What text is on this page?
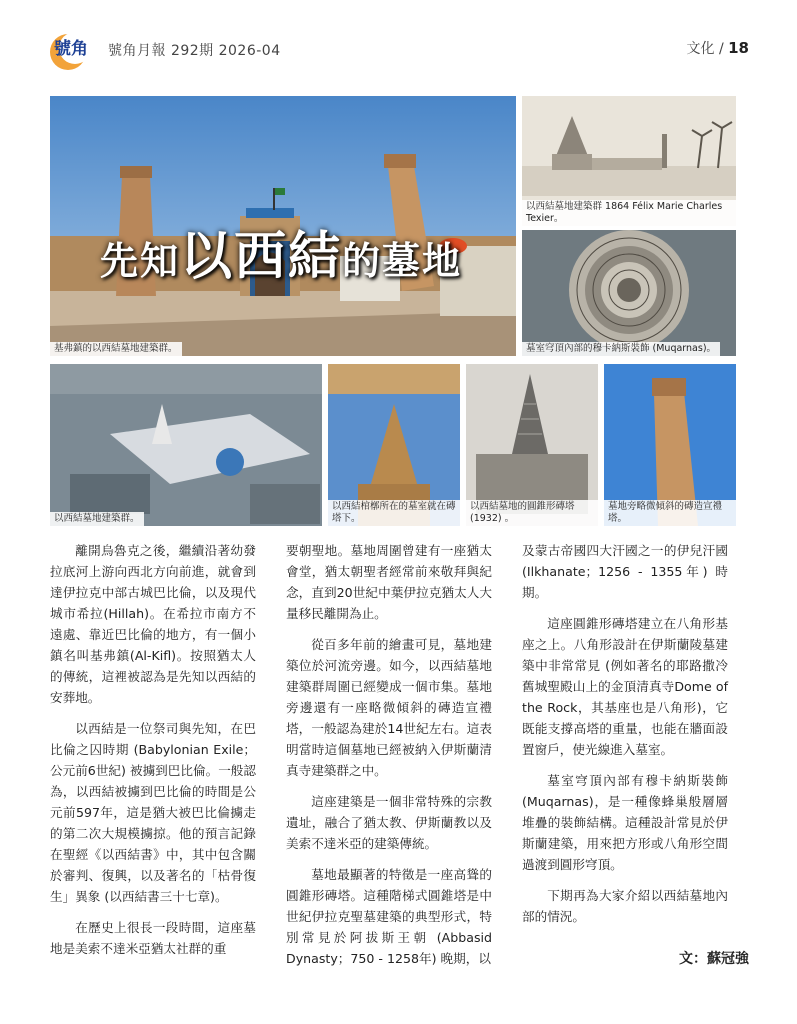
號角 號角月報 292期 2026-04	文化 / 18
先知以西結的墓地
基弗鎮的以西結墓地建築群。
以西結墓地建築群 1864 Félix Marie Charles Texier。
墓室穹頂內部的穆卡納斯裝飾 (Muqarnas)。
以西結墓地建築群。
以西結棺槨所在的墓室就在磚塔下。
以西結墓地的圓錐形磚塔 (1932) 。
墓地旁略微傾斜的磚造宣禮塔。

離開烏魯克之後，繼續沿著幼發拉底河上游向西北方向前進，就會到達伊拉克中部古城巴比倫，以及現代城市希拉(Hillah)。在希拉市南方不遠處、靠近巴比倫的地方，有一個小鎮名叫基弗鎮(Al-Kifl)。按照猶太人的傳統，這裡被認為是先知以西結的安葬地。

以西結是一位祭司與先知，在巴比倫之囚時期 (Babylonian Exile；公元前6世紀) 被擄到巴比倫。一般認為，以西結被擄到巴比倫的時間是公元前597年，這是猶大被巴比倫擄走的第二次大規模擄掠。他的預言記錄在聖經《以西結書》中，其中包含關於審判、復興，以及著名的「枯骨復生」異象 (以西結書三十七章)。

在歷史上很長一段時間，這座墓地是美索不達米亞猶太社群的重

要朝聖地。墓地周圍曾建有一座猶太會堂，猶太朝聖者經常前來敬拜與紀念，直到20世紀中葉伊拉克猶太人大量移民離開為止。

從百多年前的繪畫可見，墓地建築位於河流旁邊。如今，以西結墓地建築群周圍已經變成一個市集。墓地旁邊還有一座略微傾斜的磚造宣禮塔，一般認為建於14世紀左右。這表明當時這個墓地已經被納入伊斯蘭清真寺建築群之中。

這座建築是一個非常特殊的宗教遺址，融合了猶太教、伊斯蘭教以及美索不達米亞的建築傳統。

墓地最顯著的特徵是一座高聳的圓錐形磚塔。這種階梯式圓錐塔是中世紀伊拉克聖墓建築的典型形式，特別常見於阿拔斯王朝 (Abbasid Dynasty；750 - 1258年) 晚期，以

及蒙古帝國四大汗國之一的伊兒汗國 (Ilkhanate；1256 - 1355年) 時期。

這座圓錐形磚塔建立在八角形基座之上。八角形設計在伊斯蘭陵墓建築中非常常見 (例如著名的耶路撒冷舊城聖殿山上的金頂清真寺Dome of the Rock，其基座也是八角形)，它既能支撐高塔的重量，也能在牆面設置窗戶，使光線進入墓室。

墓室穹頂內部有穆卡納斯裝飾 (Muqarnas)，是一種像蜂巢般層層堆疊的裝飾結構。這種設計常見於伊斯蘭建築，用來把方形或八角形空間過渡到圓形穹頂。

下期再為大家介紹以西結墓地內部的情況。

文：蘇冠強
